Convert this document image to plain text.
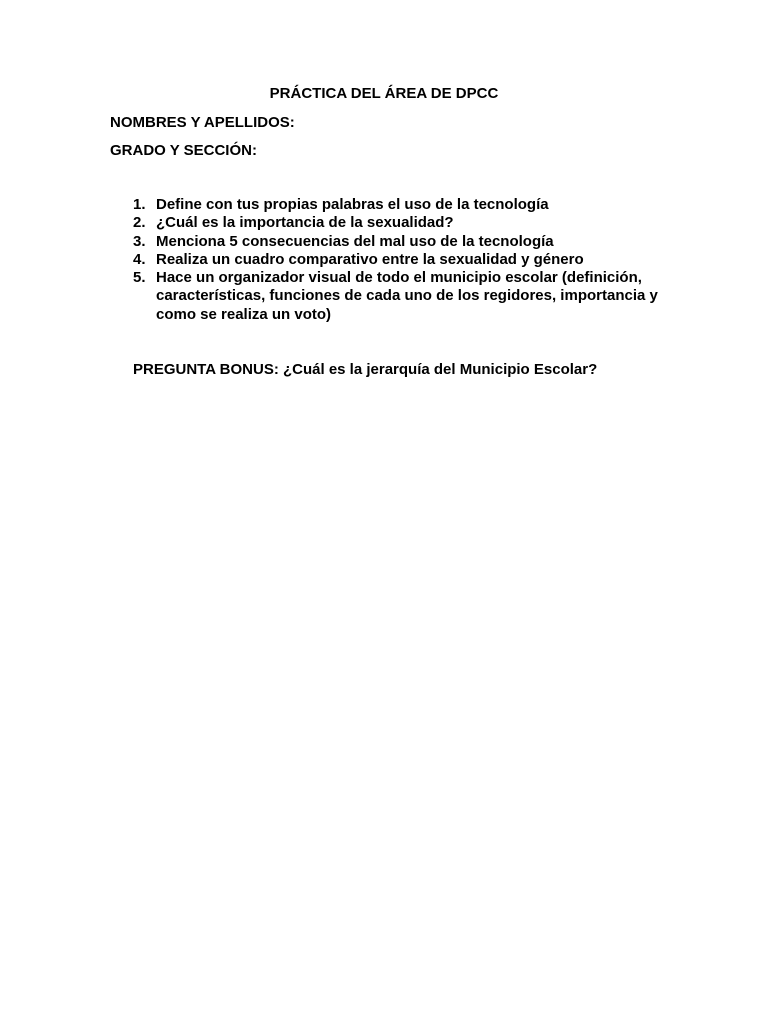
PRÁCTICA DEL ÁREA DE DPCC
NOMBRES Y APELLIDOS:
GRADO Y SECCIÓN:
1. Define con tus propias palabras el uso de la tecnología
2. ¿Cuál es la importancia de la sexualidad?
3. Menciona 5 consecuencias del mal uso de la tecnología
4. Realiza un cuadro comparativo entre la sexualidad y género
5. Hace un organizador visual de todo el municipio escolar (definición, características, funciones de cada uno de los regidores, importancia y como se realiza un voto)
PREGUNTA BONUS: ¿Cuál es la jerarquía del Municipio Escolar?
